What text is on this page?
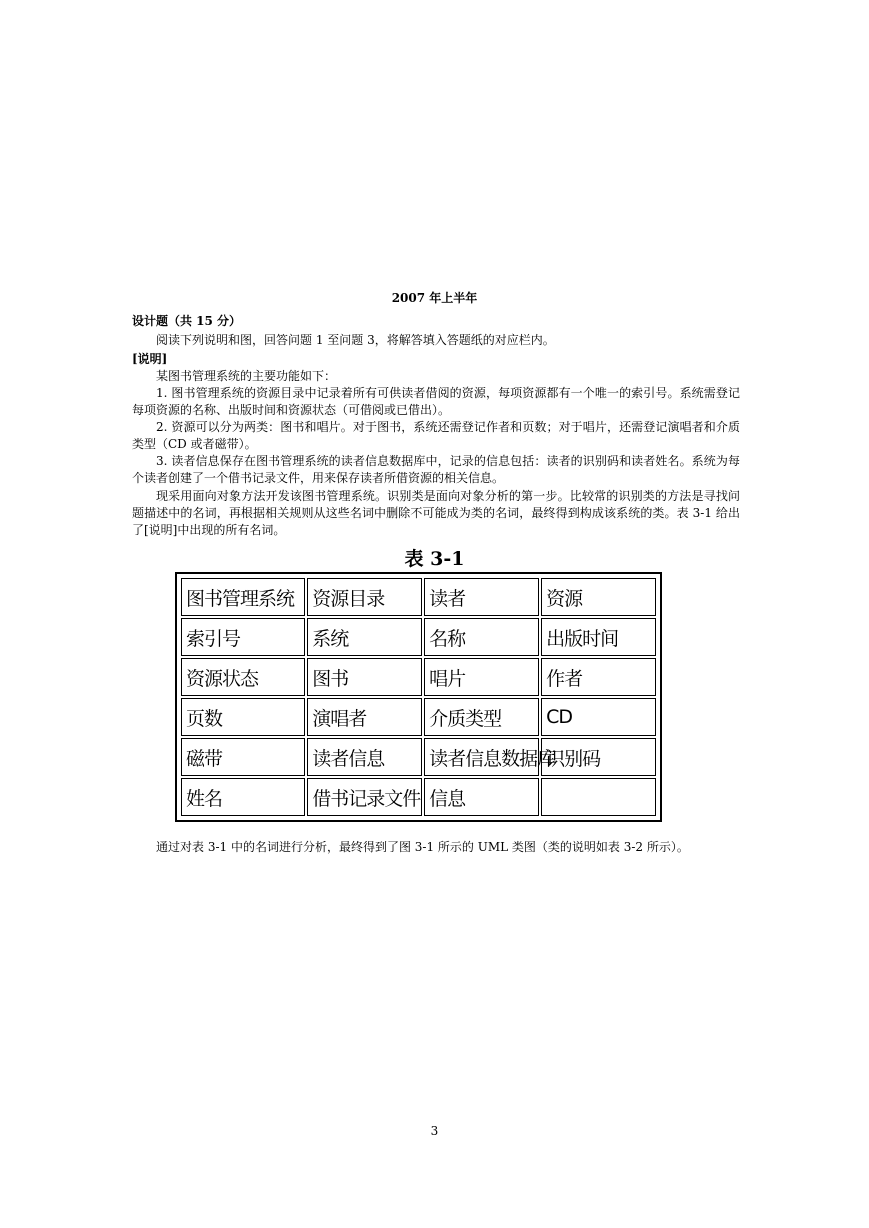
2007 年上半年
设计题（共 15 分）
阅读下列说明和图，回答问题 1 至问题 3，将解答填入答题纸的对应栏内。
[说明]
某图书管理系统的主要功能如下：
1. 图书管理系统的资源目录中记录着所有可供读者借阅的资源，每项资源都有一个唯一的索引号。系统需登记每项资源的名称、出版时间和资源状态（可借阅或已借出）。
2. 资源可以分为两类：图书和唱片。对于图书，系统还需登记作者和页数；对于唱片，还需登记演唱者和介质类型（CD 或者磁带）。
3. 读者信息保存在图书管理系统的读者信息数据库中，记录的信息包括：读者的识别码和读者姓名。系统为每个读者创建了一个借书记录文件，用来保存读者所借资源的相关信息。
现采用面向对象方法开发该图书管理系统。识别类是面向对象分析的第一步。比较常的识别类的方法是寻找问题描述中的名词，再根据相关规则从这些名词中删除不可能成为类的名词，最终得到构成该系统的类。表 3-1 给出了[说明]中出现的所有名词。
表 3-1
图书管理系统	资源目录	读者	资源
索引号	系统	名称	出版时间
资源状态	图书	唱片	作者
页数	演唱者	介质类型	CD
磁带	读者信息	读者信息数据库	识别码
姓名	借书记录文件	信息	
通过对表 3-1 中的名词进行分析，最终得到了图 3-1 所示的 UML 类图（类的说明如表 3-2 所示）。
3
